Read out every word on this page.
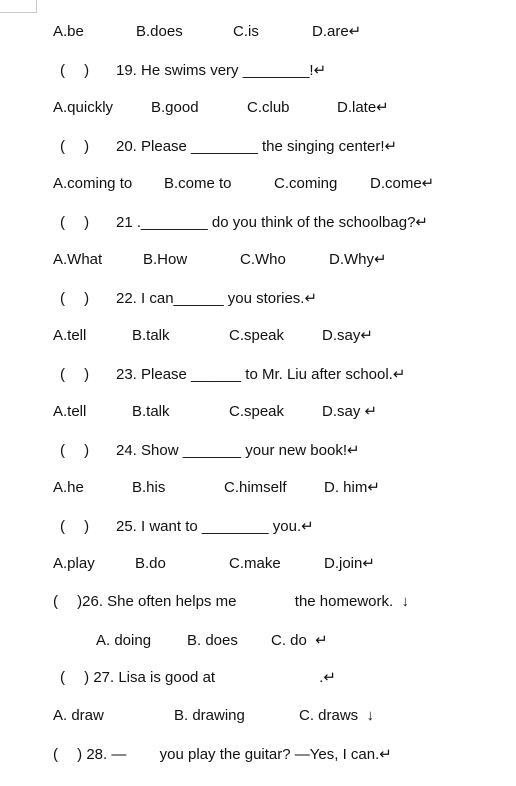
A.be

	B.does

	C.is

	D.are↵

(　 )

19. He swims very ________!↵

A.quickly

	B.good

	C.club

	D.late↵

(　 )

20. Please ________ the singing center!↵

A.coming to

B.come to

	C.coming

D.come↵

(　 )

21 .________ do you think of the schoolbag?↵

A.What

	B.How

	C.Who

	D.Why↵

(　 )

22. I can______ you stories.↵

A.tell

	B.talk

	C.speak

	D.say↵

(　 )

23. Please ______ to Mr. Liu after school.↵

A.tell

	B.talk

	C.speak

	D.say ↵

(　 )

24. Show _______ your new book!↵

A.he

	B.his

	C.himself

D. him↵

(　 )

25. I want to ________ you.↵

A.play

	B.do

	C.make

	D.join↵

(　 )26. She often helps me              the homework.  ↓

A. doing

B. does

C. do  ↵

(　 ) 27. Lisa is good at                         .↵

A. draw

	B. drawing

	C. draws  ↓

(　 ) 28. —        you play the guitar? —Yes, I can.↵
